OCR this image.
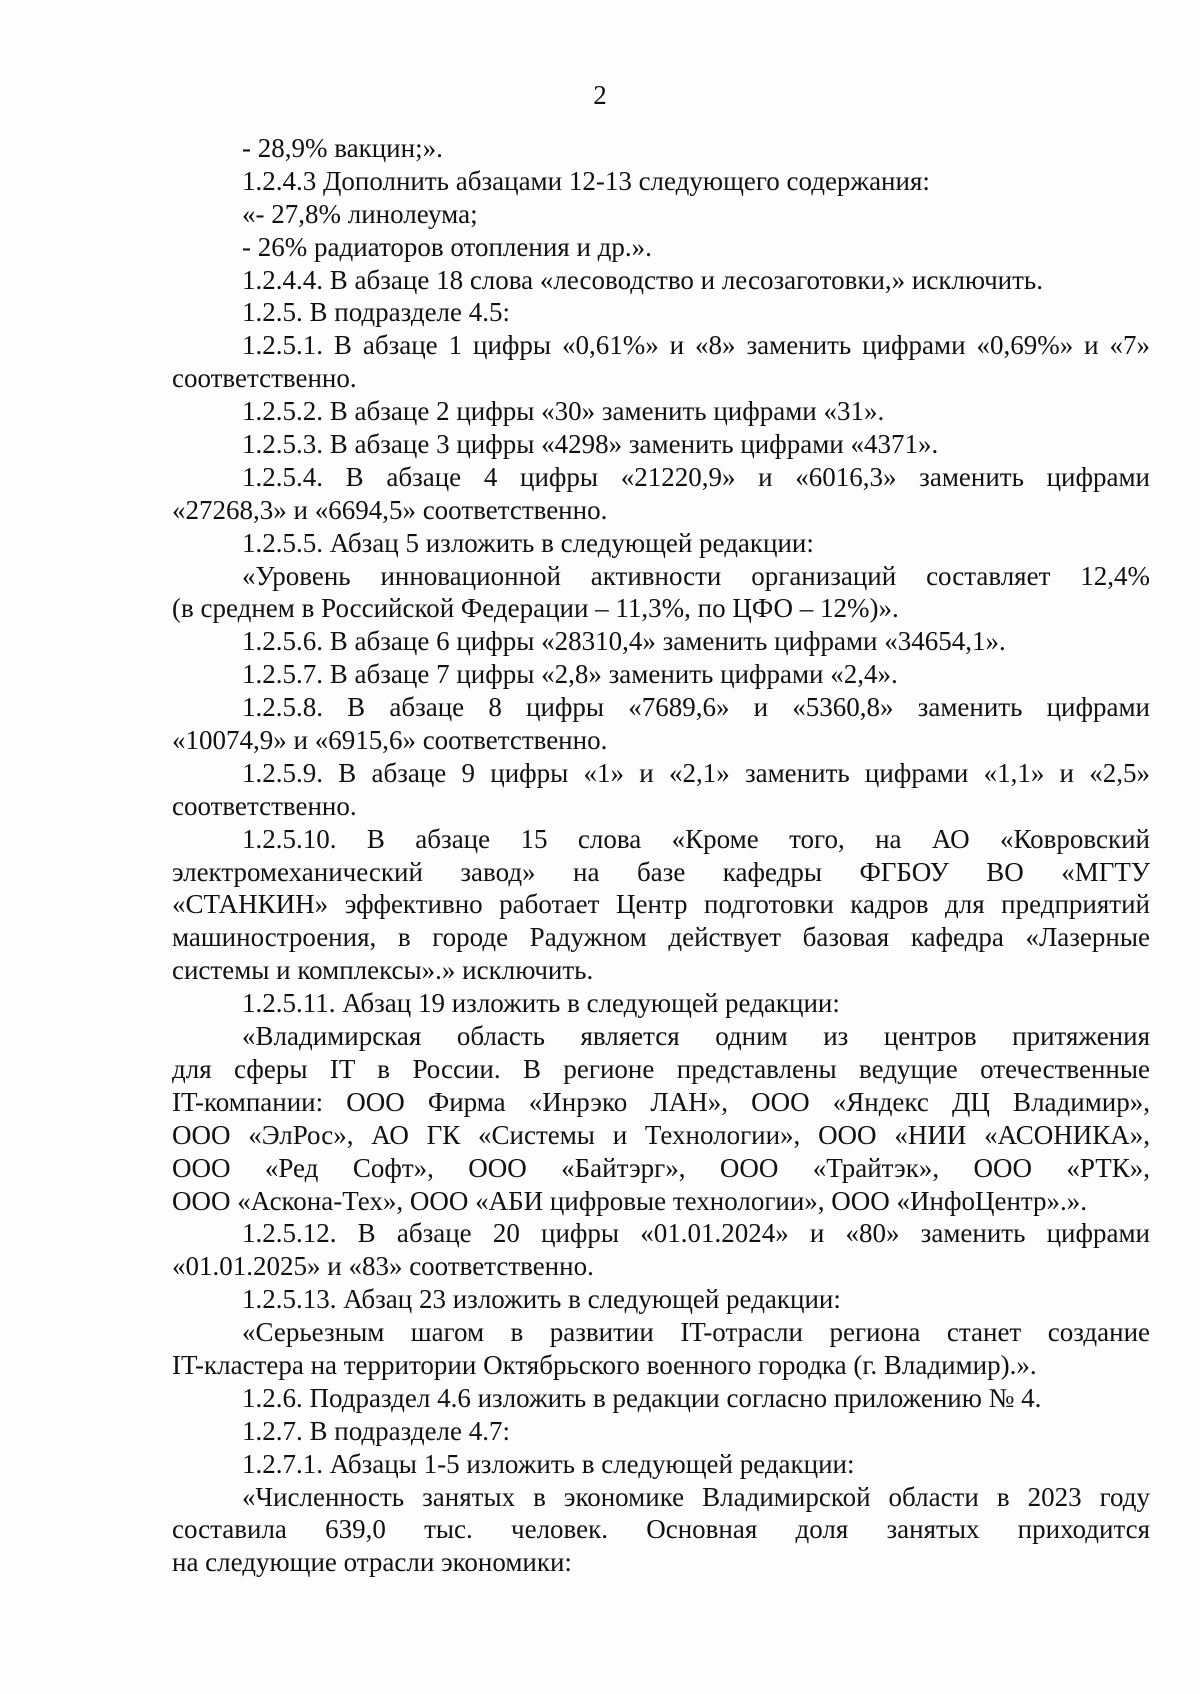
2
- 28,9% вакцин;».
1.2.4.3 Дополнить абзацами 12-13 следующего содержания:
«- 27,8% линолеума;
- 26% радиаторов отопления и др.».
1.2.4.4. В абзаце 18 слова «лесоводство и лесозаготовки,» исключить.
1.2.5. В подразделе 4.5:
1.2.5.1. В абзаце 1 цифры «0,61%» и «8» заменить цифрами «0,69%» и «7»
соответственно.
1.2.5.2. В абзаце 2 цифры «30» заменить цифрами «31».
1.2.5.3. В абзаце 3 цифры «4298» заменить цифрами «4371».
1.2.5.4. В абзаце 4 цифры «21220,9» и «6016,3» заменить цифрами
«27268,3» и «6694,5» соответственно.
1.2.5.5. Абзац 5 изложить в следующей редакции:
«Уровень инновационной активности организаций составляет 12,4%
(в среднем в Российской Федерации – 11,3%, по ЦФО – 12%)».
1.2.5.6. В абзаце 6 цифры «28310,4» заменить цифрами «34654,1».
1.2.5.7. В абзаце 7 цифры «2,8» заменить цифрами «2,4».
1.2.5.8. В абзаце 8 цифры «7689,6» и «5360,8» заменить цифрами
«10074,9» и «6915,6» соответственно.
1.2.5.9. В абзаце 9 цифры «1» и «2,1» заменить цифрами «1,1» и «2,5»
соответственно.
1.2.5.10. В абзаце 15 слова «Кроме того, на АО «Ковровский
электромеханический завод» на базе кафедры ФГБОУ ВО «МГТУ
«СТАНКИН» эффективно работает Центр подготовки кадров для предприятий
машиностроения, в городе Радужном действует базовая кафедра «Лазерные
системы и комплексы».» исключить.
1.2.5.11. Абзац 19 изложить в следующей редакции:
«Владимирская область является одним из центров притяжения
для сферы IT в России. В регионе представлены ведущие отечественные
IT-компании: ООО Фирма «Инрэко ЛАН», ООО «Яндекс ДЦ Владимир»,
ООО «ЭлРос», АО ГК «Системы и Технологии», ООО «НИИ «АСОНИКА»,
ООО «Ред Софт», ООО «Байтэрг», ООО «Трайтэк», ООО «РТК»,
ООО «Аскона-Тех», ООО «АБИ цифровые технологии», ООО «ИнфоЦентр».».
1.2.5.12. В абзаце 20 цифры «01.01.2024» и «80» заменить цифрами
«01.01.2025» и «83» соответственно.
1.2.5.13. Абзац 23 изложить в следующей редакции:
«Серьезным шагом в развитии IT-отрасли региона станет создание
IT-кластера на территории Октябрьского военного городка (г. Владимир).».
1.2.6. Подраздел 4.6 изложить в редакции согласно приложению № 4.
1.2.7. В подразделе 4.7:
1.2.7.1. Абзацы 1-5 изложить в следующей редакции:
«Численность занятых в экономике Владимирской области в 2023 году
составила 639,0 тыс. человек. Основная доля занятых приходится
на следующие отрасли экономики:
